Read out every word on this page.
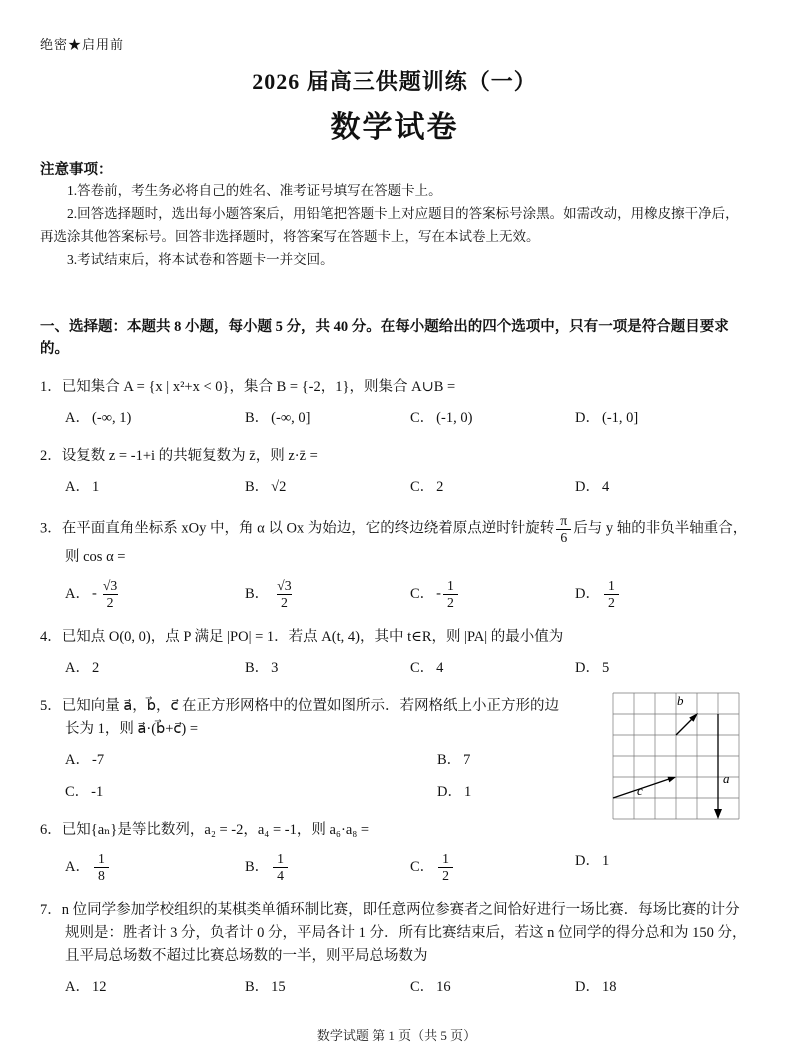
绝密★启用前
2026 届高三供题训练（一）
数学试卷
注意事项：
1.答卷前，考生务必将自己的姓名、准考证号填写在答题卡上。
2.回答选择题时，选出每小题答案后，用铅笔把答题卡上对应题目的答案标号涂黑。如需改动，用橡皮擦干净后，再选涂其他答案标号。回答非选择题时，将答案写在答题卡上，写在本试卷上无效。
3.考试结束后，将本试卷和答题卡一并交回。
一、选择题：本题共 8 小题，每小题 5 分，共 40 分。在每小题给出的四个选项中，只有一项是符合题目要求的。
1．已知集合 A = {x | x²+x < 0}，集合 B = {-2，1}，则集合 A∪B =
A． (-∞, 1)	B． (-∞, 0]	C． (-1, 0)	D． (-1, 0]
2．设复数 z = -1+i 的共轭复数为 z̄，则 z·z̄ =
A． 1	B． √2	C． 2	D． 4
3．在平面直角坐标系 xOy 中，角 α 以 Ox 为始边，它的终边绕着原点逆时针旋转 $\frac{\pi}{6}$ 后与 y 轴的非负半轴重合，则 cos α =
A． - $\frac{√3}{2}$	B． $\frac{√3}{2}$	C． - $\frac{1}{2}$	D． $\frac{1}{2}$
4．已知点 O(0, 0)，点 P 满足 |PO| = 1．若点 A(t, 4)，其中 t∈R，则 |PA| 的最小值为
A． 2	B． 3	C． 4	D． 5
5．已知向量 a⃗，b⃗，c⃗ 在正方形网格中的位置如图所示．若网格纸上小正方形的边长为 1，则 a⃗·(b⃗+c⃗) =
A． -7	B． 7
C． -1	D． 1
b⃗
a⃗
c⃗
6．已知{aₙ}是等比数列，a₂ = -2，a₄ = -1，则 a₆·a₈ =
A． $\frac{1}{8}$	B． $\frac{1}{4}$	C． $\frac{1}{2}$	D． 1
7．n 位同学参加学校组织的某棋类单循环制比赛，即任意两位参赛者之间恰好进行一场比赛．每场比赛的计分规则是：胜者计 3 分，负者计 0 分，平局各计 1 分．所有比赛结束后，若这 n 位同学的得分总和为 150 分，且平局总场数不超过比赛总场数的一半，则平局总场数为
A． 12	B． 15	C． 16	D． 18
数学试题 第 1 页（共 5 页）
